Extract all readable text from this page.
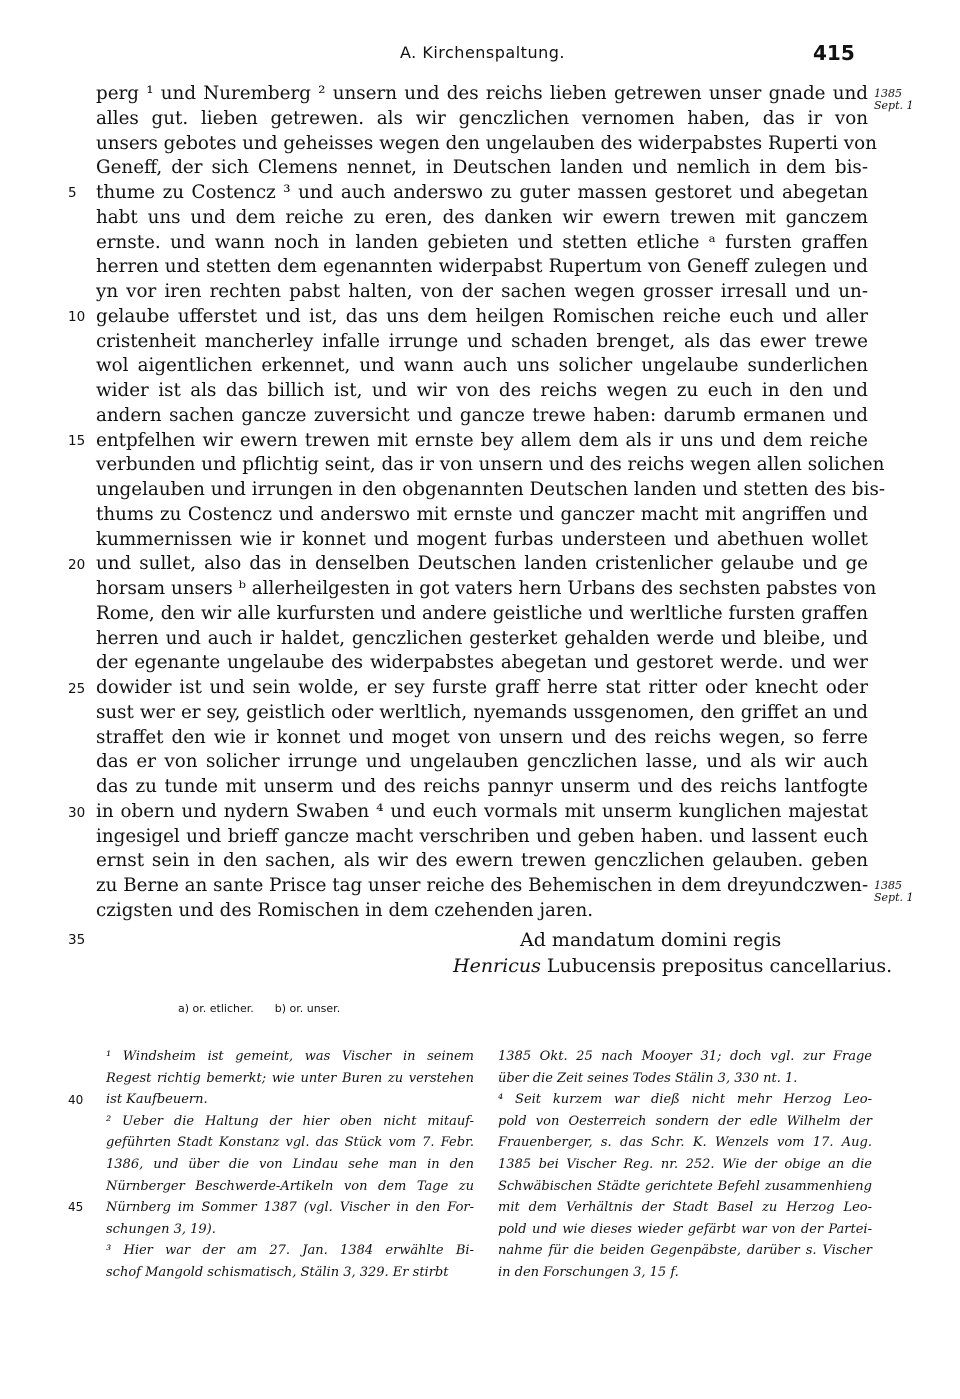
A. Kirchenspaltung.	415
perg ¹ und Nuremberg ² unsern und des reichs lieben getrewen unser gnade und
alles gut. lieben getrewen. als wir genczlichen vernomen haben, das ir von
unsers gebotes und geheisses wegen den ungelauben des widerpabstes Ruperti von
Geneff, der sich Clemens nennet, in Deutschen landen und nemlich in dem bis-
thume zu Costencz ³ und auch anderswo zu guter massen gestoret und abegetan
habt uns und dem reiche zu eren, des danken wir ewern trewen mit ganczem
ernste. und wann noch in landen gebieten und stetten etliche ᵃ fursten graffen
herren und stetten dem egenannten widerpabst Rupertum von Geneff zulegen und
yn vor iren rechten pabst halten, von der sachen wegen grosser irresall und un-
gelaube ufferstet und ist, das uns dem heilgen Romischen reiche euch und aller
cristenheit mancherley infalle irrunge und schaden brenget, als das ewer trewe
wol aigentlichen erkennet, und wann auch uns solicher ungelaube sunderlichen
wider ist als das billich ist, und wir von des reichs wegen zu euch in den und
andern sachen gancze zuversicht und gancze trewe haben: darumb ermanen und
entpfelhen wir ewern trewen mit ernste bey allem dem als ir uns und dem reiche
verbunden und pflichtig seint, das ir von unsern und des reichs wegen allen solichen
ungelauben und irrungen in den obgenannten Deutschen landen und stetten des bis-
thums zu Costencz und anderswo mit ernste und ganczer macht mit angriffen und
kummernissen wie ir konnet und mogent furbas understeen und abethuen wollet
und sullet, also das in denselben Deutschen landen cristenlicher gelaube und ge
horsam unsers ᵇ allerheilgesten in got vaters hern Urbans des sechsten pabstes von
Rome, den wir alle kurfursten und andere geistliche und werltliche fursten graffen
herren und auch ir haldet, genczlichen gesterket gehalden werde und bleibe, und
der egenante ungelaube des widerpabstes abegetan und gestoret werde. und wer
dowider ist und sein wolde, er sey furste graff herre stat ritter oder knecht oder
sust wer er sey, geistlich oder werltlich, nyemands ussgenomen, den griffet an und
straffet den wie ir konnet und moget von unsern und des reichs wegen, so ferre
das er von solicher irrunge und ungelauben genczlichen lasse, und als wir auch
das zu tunde mit unserm und des reichs pannyr unserm und des reichs lantfogte
in obern und nydern Swaben ⁴ und euch vormals mit unserm kunglichen majestat
ingesigel und brieff gancze macht verschriben und geben haben. und lassent euch
ernst sein in den sachen, als wir des ewern trewen genczlichen gelauben. geben
zu Berne an sante Prisce tag unser reiche des Behemischen in dem dreyundczwen-
czigsten und des Romischen in dem czehenden jaren.
5
10
15
20
25
30
35
1385
Sept. 1
1385
Sept. 1
Ad mandatum domini regis
Henricus Lubucensis prepositus cancellarius.
a) or. etlicher.      b) or. unser.
¹ Windsheim ist gemeint, was Vischer in seinem
Regest richtig bemerkt; wie unter Buren zu verstehen
ist Kaufbeuern.
² Ueber die Haltung der hier oben nicht mitauf-
geführten Stadt Konstanz vgl. das Stück vom 7. Febr.
1386, und über die von Lindau sehe man in den
Nürnberger Beschwerde-Artikeln von dem Tage zu
Nürnberg im Sommer 1387 (vgl. Vischer in den For-
schungen 3, 19).
³ Hier war der am 27. Jan. 1384 erwählte Bi-
schof Mangold schismatisch, Stälin 3, 329. Er stirbt
1385 Okt. 25 nach Mooyer 31; doch vgl. zur Frage
über die Zeit seines Todes Stälin 3, 330 nt. 1.
⁴ Seit kurzem war dieß nicht mehr Herzog Leo-
pold von Oesterreich sondern der edle Wilhelm der
Frauenberger, s. das Schr. K. Wenzels vom 17. Aug.
1385 bei Vischer Reg. nr. 252. Wie der obige an die
Schwäbischen Städte gerichtete Befehl zusammenhieng
mit dem Verhältnis der Stadt Basel zu Herzog Leo-
pold und wie dieses wieder gefärbt war von der Partei-
nahme für die beiden Gegenpäbste, darüber s. Vischer
in den Forschungen 3, 15 f.
40
45
